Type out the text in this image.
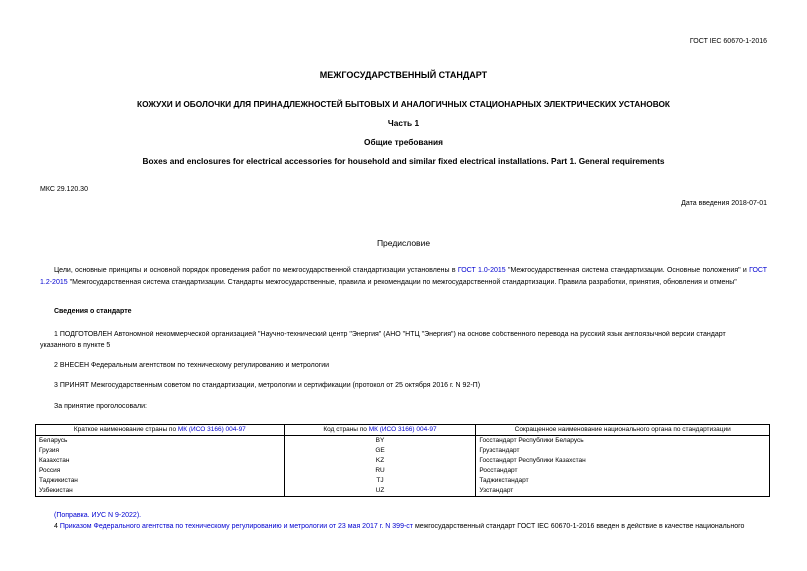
ГОСТ IEC 60670-1-2016
МЕЖГОСУДАРСТВЕННЫЙ СТАНДАРТ
КОЖУХИ И ОБОЛОЧКИ ДЛЯ ПРИНАДЛЕЖНОСТЕЙ БЫТОВЫХ И АНАЛОГИЧНЫХ СТАЦИОНАРНЫХ ЭЛЕКТРИЧЕСКИХ УСТАНОВОК
Часть 1
Общие требования
Boxes and enclosures for electrical accessories for household and similar fixed electrical installations. Part 1. General requirements
МКС 29.120.30
Дата введения 2018-07-01
Предисловие
Цели, основные принципы и основной порядок проведения работ по межгосударственной стандартизации установлены в ГОСТ 1.0-2015 "Межгосударственная система стандартизации. Основные положения" и ГОСТ 1.2-2015 "Межгосударственная система стандартизации. Стандарты межгосударственные, правила и рекомендации по межгосударственной стандартизации. Правила разработки, принятия, обновления и отмены"
Сведения о стандарте
1 ПОДГОТОВЛЕН Автономной некоммерческой организацией "Научно-технический центр "Энергия" (АНО "НТЦ "Энергия") на основе собственного перевода на русский язык англоязычной версии стандарт
указанного в пункте 5
2 ВНЕСЕН Федеральным агентством по техническому регулированию и метрологии
3 ПРИНЯТ Межгосударственным советом по стандартизации, метрологии и сертификации (протокол от 25 октября 2016 г. N 92-П)
За принятие проголосовали:
Краткое наименование страны по МК (ИСО 3166) 004-97	Код страны по МК (ИСО 3166) 004-97	Сокращенное наименование национального органа по стандартизации
Беларусь	BY	Госстандарт Республики Беларусь
Грузия	GE	Грузстандарт
Казахстан	KZ	Госстандарт Республики Казахстан
Россия	RU	Росстандарт
Таджикистан	TJ	Таджикстандарт
Узбекистан	UZ	Узстандарт
(Поправка. ИУС N 9-2022).
4 Приказом Федерального агентства по техническому регулированию и метрологии от 23 мая 2017 г. N 399-ст межгосударственный стандарт ГОСТ IEC 60670-1-2016 введен в действие в качестве национального
